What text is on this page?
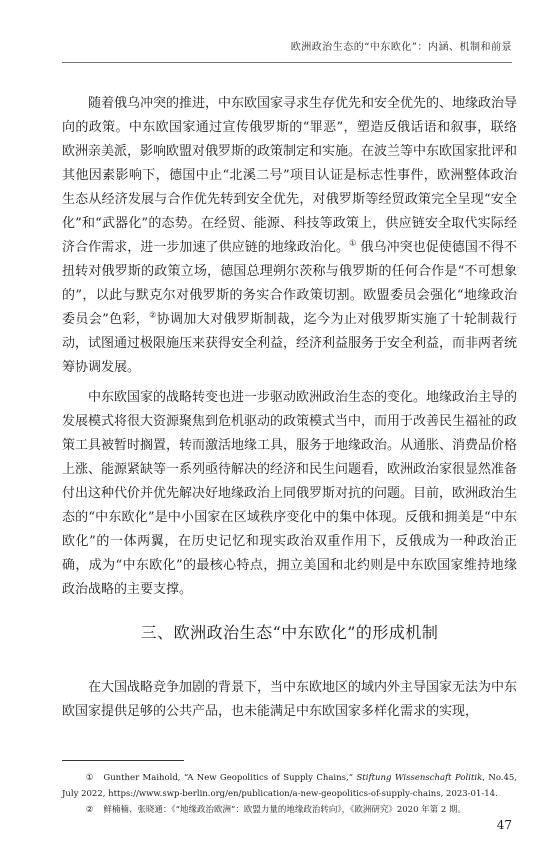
欧洲政治生态的“中东欧化”：内涵、机制和前景

随着俄乌冲突的推进，中东欧国家寻求生存优先和安全优先的、地缘政治导向的政策。中东欧国家通过宣传俄罗斯的“罪恶”，塑造反俄话语和叙事，联络欧洲亲美派，影响欧盟对俄罗斯的政策制定和实施。在波兰等中东欧国家批评和其他因素影响下，德国中止“北溪二号”项目认证是标志性事件，欧洲整体政治生态从经济发展与合作优先转到安全优先，对俄罗斯等经贸政策完全呈现“安全化”和“武器化”的态势。在经贸、能源、科技等政策上，供应链安全取代实际经济合作需求，进一步加速了供应链的地缘政治化。① 俄乌冲突也促使德国不得不扭转对俄罗斯的政策立场，德国总理朔尔茨称与俄罗斯的任何合作是“不可想象的”，以此与默克尔对俄罗斯的务实合作政策切割。欧盟委员会强化“地缘政治委员会”色彩，②协调加大对俄罗斯制裁，迄今为止对俄罗斯实施了十轮制裁行动，试图通过极限施压来获得安全利益，经济利益服务于安全利益，而非两者统筹协调发展。

中东欧国家的战略转变也进一步驱动欧洲政治生态的变化。地缘政治主导的发展模式将很大资源聚焦到危机驱动的政策模式当中，而用于改善民生福祉的政策工具被暂时搁置，转而激活地缘工具，服务于地缘政治。从通胀、消费品价格上涨、能源紧缺等一系列亟待解决的经济和民生问题看，欧洲政治家很显然准备付出这种代价并优先解决好地缘政治上同俄罗斯对抗的问题。目前，欧洲政治生态的“中东欧化”是中小国家在区域秩序变化中的集中体现。反俄和拥美是“中东欧化”的一体两翼，在历史记忆和现实政治双重作用下，反俄成为一种政治正确，成为“中东欧化”的最核心特点，拥立美国和北约则是中东欧国家维持地缘政治战略的主要支撑。

三、欧洲政治生态“中东欧化”的形成机制

在大国战略竞争加剧的背景下，当中东欧地区的域内外主导国家无法为中东欧国家提供足够的公共产品，也未能满足中东欧国家多样化需求的实现，

① Gunther Maihold, “A New Geopolitics of Supply Chains,” Stiftung Wissenschaft Politik, No.45, July 2022, https://www.swp-berlin.org/en/publication/a-new-geopolitics-of-supply-chains, 2023-01-14.

② 鲜楠楠、张晓通：《“地缘政治欧洲”：欧盟力量的地缘政治转向》，《欧洲研究》2020 年第 2 期。

47
